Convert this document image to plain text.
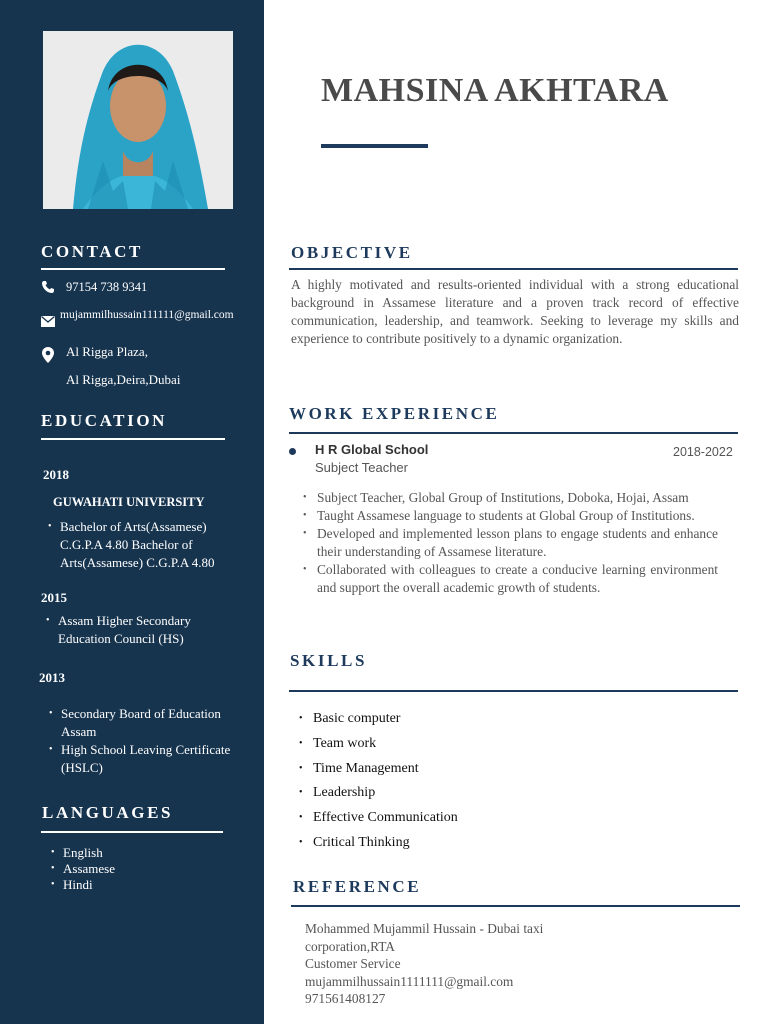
CONTACT
97154 738 9341
mujammilhussain111111@gmail.com
Al Rigga Plaza,
Al Rigga,Deira,Dubai
EDUCATION
2018
GUWAHATI UNIVERSITY
• Bachelor of Arts(Assamese) C.G.P.A 4.80 Bachelor of Arts(Assamese) C.G.P.A 4.80
2015
• Assam Higher Secondary Education Council (HS)
2013
• Secondary Board of Education Assam
• High School Leaving Certificate (HSLC)
LANGUAGES
• English
• Assamese
• Hindi
MAHSINA AKHTARA
OBJECTIVE
A highly motivated and results-oriented individual with a strong educational background in Assamese literature and a proven track record of effective communication, leadership, and teamwork. Seeking to leverage my skills and experience to contribute positively to a dynamic organization.
WORK EXPERIENCE
H R Global School
Subject Teacher
2018-2022
• Subject Teacher, Global Group of Institutions, Doboka, Hojai, Assam
• Taught Assamese language to students at Global Group of Institutions.
• Developed and implemented lesson plans to engage students and enhance their understanding of Assamese literature.
• Collaborated with colleagues to create a conducive learning environment and support the overall academic growth of students.
SKILLS
• Basic computer
• Team work
• Time Management
• Leadership
• Effective Communication
• Critical Thinking
REFERENCE
Mohammed Mujammil Hussain - Dubai taxi
corporation,RTA
Customer Service
mujammilhussain1111111@gmail.com
971561408127
